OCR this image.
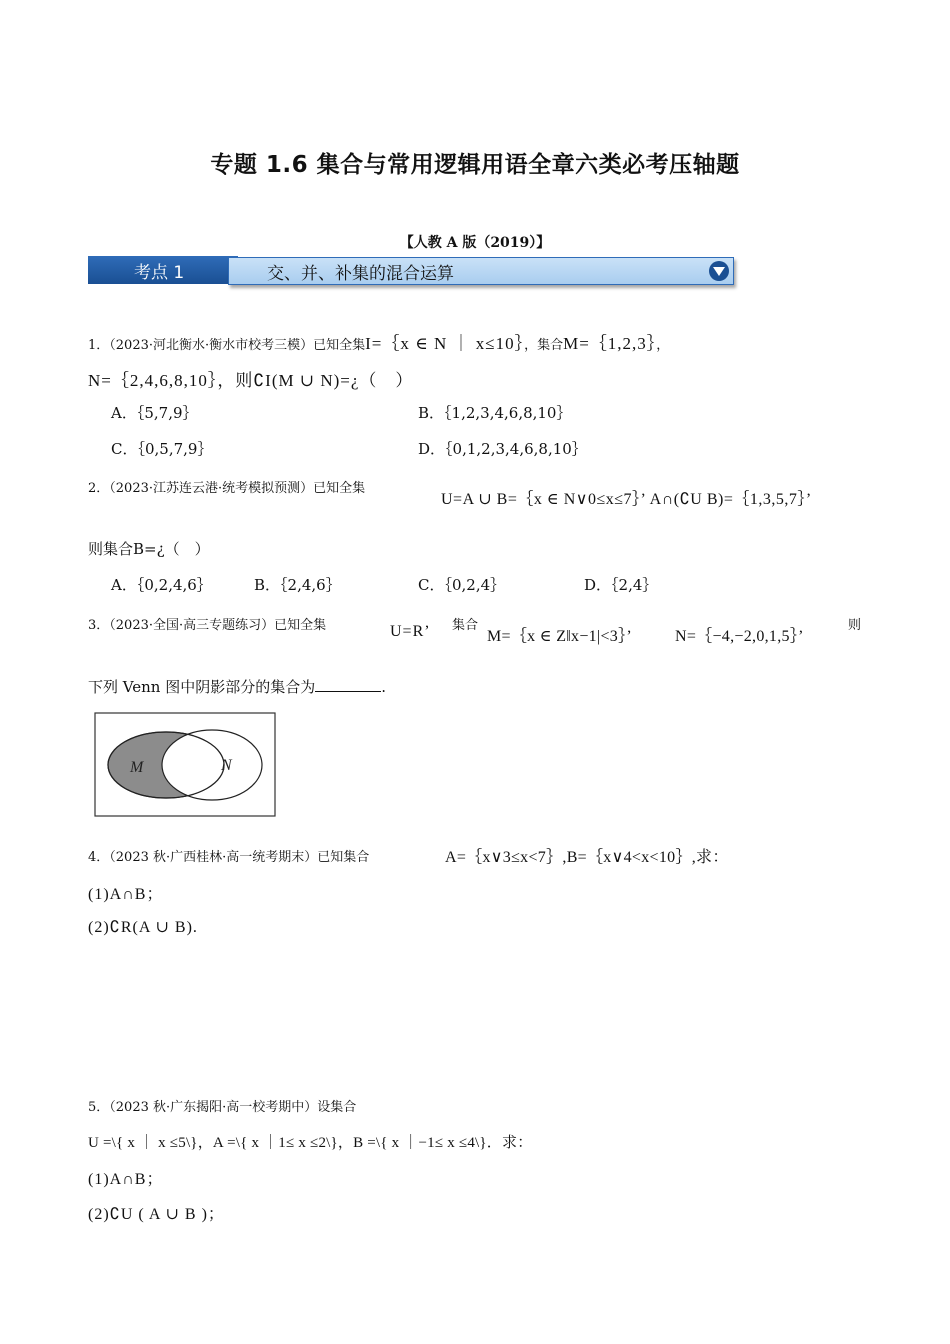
专题 1.6 集合与常用逻辑用语全章六类必考压轴题
【人教 A 版（2019）】
考点 1	交、并、补集的混合运算
1．（2023·河北衡水·衡水市校考三模）已知全集I=｛x ∈ N ｜ x≤10｝，集合M=｛1,2,3｝，
N=｛2,4,6,8,10｝，则∁I(M ∪ N)=¿（　）
A．｛5,7,9｝	B．｛1,2,3,4,6,8,10｝
C．｛0,5,7,9｝	D．｛0,1,2,3,4,6,8,10｝
2．（2023·江苏连云港·统考模拟预测）已知全集
U=A ∪ B=｛x ∈ N∨0≤x≤7｝’ A∩(∁U B)=｛1,3,5,7｝’
则集合B=¿（　）
A．｛0,2,4,6｝	B．｛2,4,6｝	C．｛0,2,4｝	D．｛2,4｝
3．（2023·全国·高三专题练习）已知全集	U=R’ 集合
M=｛x ∈ Z‖x−1|<3｝’	N=｛−4,−2,0,1,5｝’
则
下列 Venn 图中阴影部分的集合为	.
M	N
4．（2023 秋·广西桂林·高一统考期末）已知集合	A=｛x∨3≤x<7｝,B=｛x∨4<x<10｝,求：
(1)A∩B；
(2)∁R(A ∪ B).
5．（2023 秋·广东揭阳·高一校考期中）设集合
U =\{ x ｜ x ≤5\}，A =\{ x ｜1≤ x ≤2\}，B =\{ x ｜−1≤ x ≤4\}．求：
(1)A∩B；
(2)∁U ( A ∪ B )；
